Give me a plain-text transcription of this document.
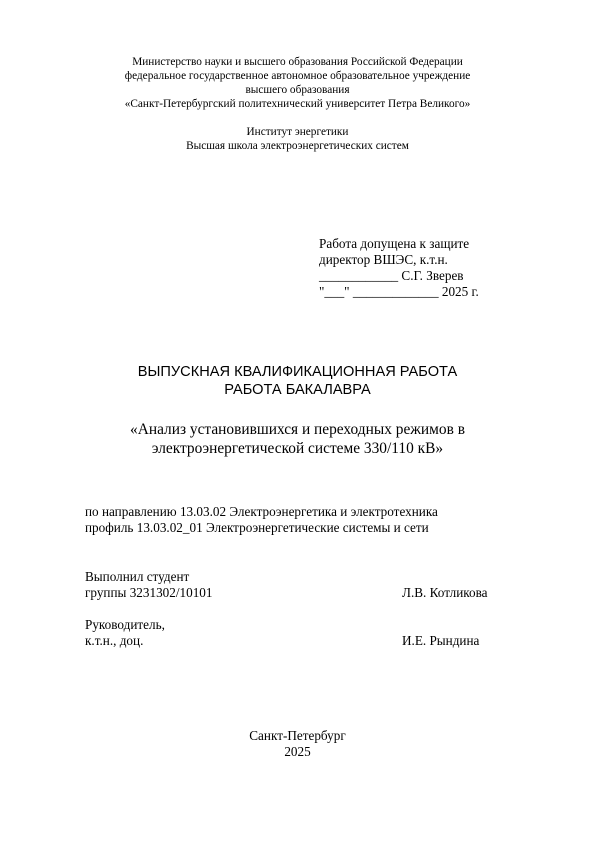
Министерство науки и высшего образования Российской Федерации
федеральное государственное автономное образовательное учреждение
высшего образования
«Санкт-Петербургский политехнический университет Петра Великого»
Институт энергетики
Высшая школа электроэнергетических систем
Работа допущена к защите
директор ВШЭС, к.т.н.
____________ С.Г. Зверев
"___" _____________ 2025 г.
ВЫПУСКНАЯ КВАЛИФИКАЦИОННАЯ РАБОТА
РАБОТА БАКАЛАВРА
«Анализ установившихся и переходных режимов в
электроэнергетической системе 330/110 кВ»
по направлению 13.03.02 Электроэнергетика и электротехника
профиль 13.03.02_01 Электроэнергетические системы и сети
Выполнил студент
группы 3231302/10101	Л.В. Котликова
Руководитель,
к.т.н., доц.	И.Е. Рындина
Санкт-Петербург
2025
